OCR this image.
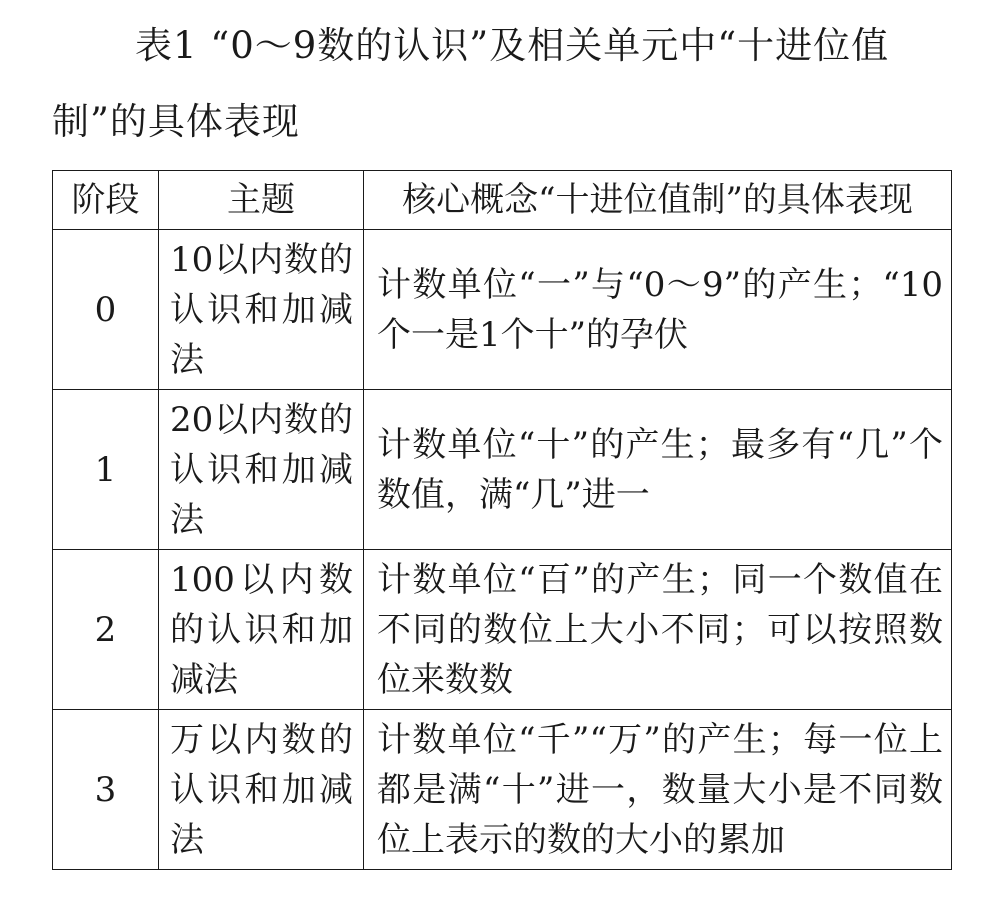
表1 “0～9数的认识”及相关单元中“十进位值制”的具体表现

阶段	主题	核心概念“十进位值制”的具体表现
0	10以内数的认识和加减法	计数单位“一”与“0～9”的产生；“10个一是1个十”的孕伏
1	20以内数的认识和加减法	计数单位“十”的产生；最多有“几”个数值，满“几”进一
2	100以内数的认识和加减法	计数单位“百”的产生；同一个数值在不同的数位上大小不同；可以按照数位来数数
3	万以内数的认识和加减法	计数单位“千”“万”的产生；每一位上都是满“十”进一，数量大小是不同数位上表示的数的大小的累加
